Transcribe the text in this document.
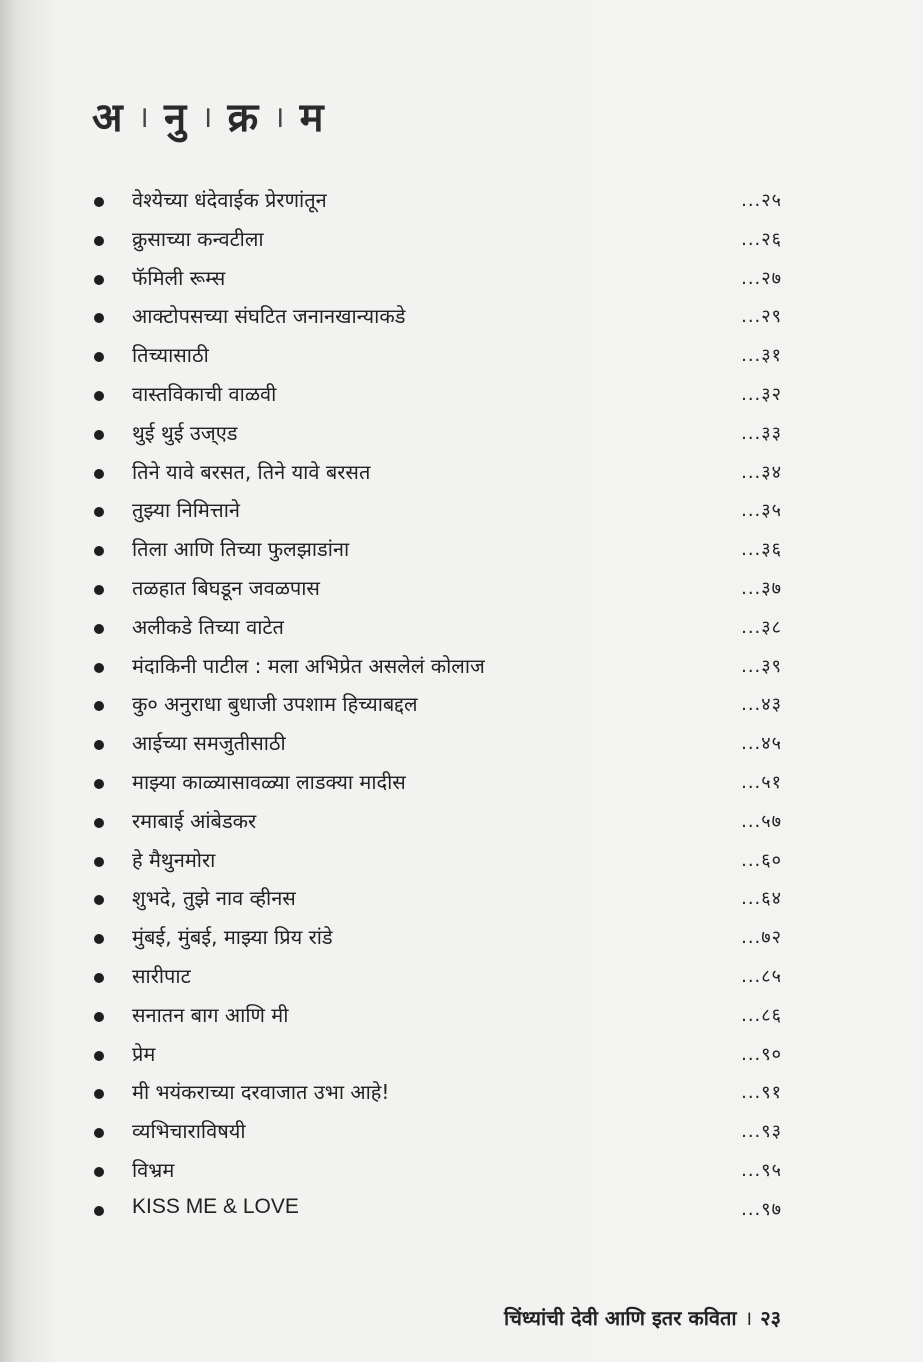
अ । नु । क्र । म
वेश्येच्या धंदेवाईक प्रेरणांतून	...२५
क्रुसाच्या कन्वटीला	...२६
फॅमिली रूम्स	...२७
आक्टोपसच्या संघटित जनानखान्याकडे	...२९
तिच्यासाठी	...३१
वास्तविकाची वाळवी	...३२
थुई थुई उज्एड	...३३
तिने यावे बरसत, तिने यावे बरसत	...३४
तुझ्या निमित्ताने	...३५
तिला आणि तिच्या फुलझाडांना	...३६
तळहात बिघडून जवळपास	...३७
अलीकडे तिच्या वाटेत	...३८
मंदाकिनी पाटील : मला अभिप्रेत असलेलं कोलाज	...३९
कु० अनुराधा बुधाजी उपशाम हिच्याबद्दल	...४३
आईच्या समजुतीसाठी	...४५
माझ्या काळ्यासावळ्या लाडक्या मादीस	...५१
रमाबाई आंबेडकर	...५७
हे मैथुनमोरा	...६०
शुभदे, तुझे नाव व्हीनस	...६४
मुंबई, मुंबई, माझ्या प्रिय रांडे	...७२
सारीपाट	...८५
सनातन बाग आणि मी	...८६
प्रेम	...९०
मी भयंकराच्या दरवाजात उभा आहे!	...९१
व्यभिचाराविषयी	...९३
विभ्रम	...९५
KISS ME & LOVE	...९७
चिंध्यांची देवी आणि इतर कविता । २३
